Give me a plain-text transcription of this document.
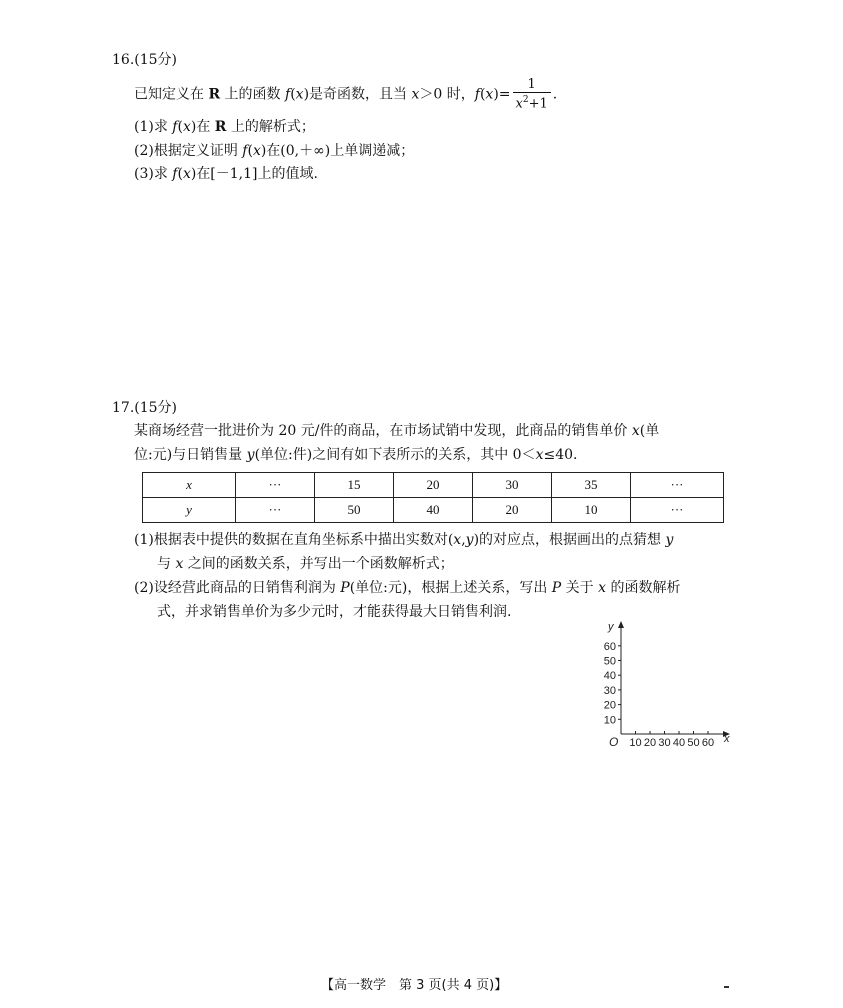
16.(15分)
已知定义在 R 上的函数 f(x)是奇函数，且当 x＞0 时，$f(x)= \frac{1}{x^2+1}$ .
(1)求 f(x)在 R 上的解析式；
(2)根据定义证明 f(x)在(0,＋∞)上单调递减；
(3)求 f(x)在[－1,1]上的值域.
17.(15分)
某商场经营一批进价为 20 元/件的商品，在市场试销中发现，此商品的销售单价 x(单
位:元)与日销售量 y(单位:件)之间有如下表所示的关系，其中 0＜x≤40.
x	···	15	20	30	35	···
y	···	50	40	20	10	···
(1)根据表中提供的数据在直角坐标系中描出实数对(x,y)的对应点，根据画出的点猜想 y
与 x 之间的函数关系，并写出一个函数解析式；
(2)设经营此商品的日销售利润为 P(单位:元)，根据上述关系，写出 P 关于 x 的函数解析
式，并求销售单价为多少元时，才能获得最大日销售利润.
y
x
O
10
20
30
40
50
60
10 20 30 40 50 60
【高一数学　第 3 页(共 4 页)】
